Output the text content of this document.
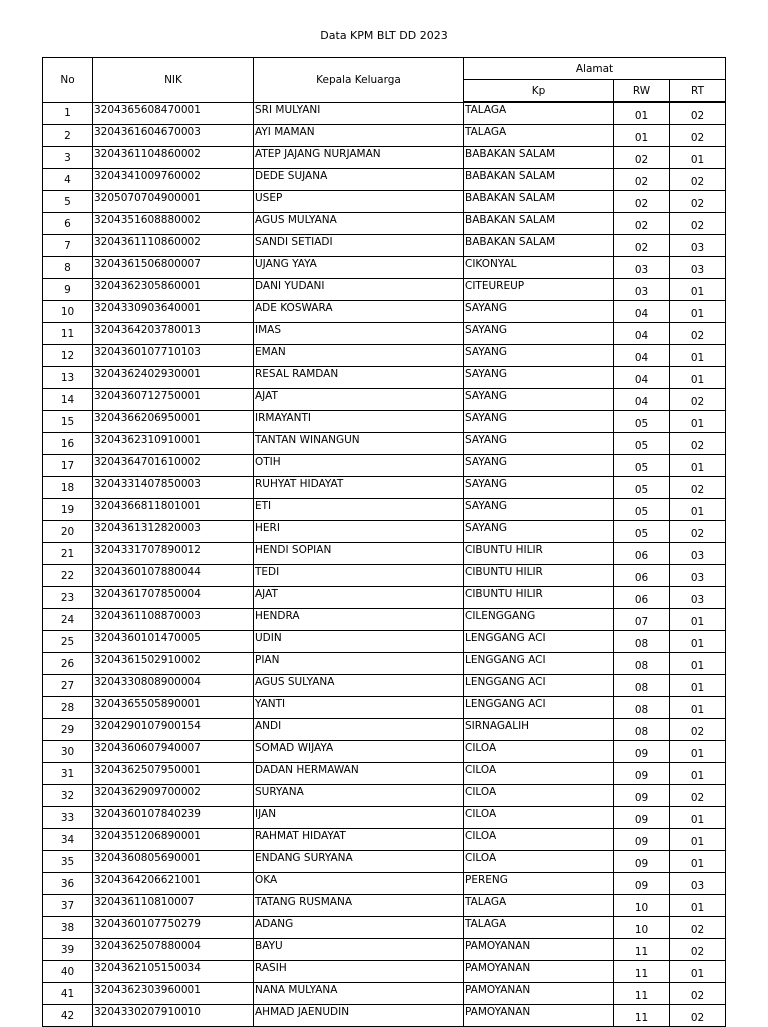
Data KPM BLT DD 2023
No	NIK	Kepala Keluarga	Alamat		
			Kp	RW	RT
1	3204365608470001	SRI MULYANI	TALAGA	01	02
2	3204361604670003	AYI MAMAN	TALAGA	01	02
3	3204361104860002	ATEP JAJANG NURJAMAN	BABAKAN SALAM	02	01
4	3204341009760002	DEDE SUJANA	BABAKAN SALAM	02	02
5	3205070704900001	USEP	BABAKAN SALAM	02	02
6	3204351608880002	AGUS MULYANA	BABAKAN SALAM	02	02
7	3204361110860002	SANDI SETIADI	BABAKAN SALAM	02	03
8	3204361506800007	UJANG YAYA	CIKONYAL	03	03
9	3204362305860001	DANI YUDANI	CITEUREUP	03	01
10	3204330903640001	ADE KOSWARA	SAYANG	04	01
11	3204364203780013	IMAS	SAYANG	04	02
12	3204360107710103	EMAN	SAYANG	04	01
13	3204362402930001	RESAL RAMDAN	SAYANG	04	01
14	3204360712750001	AJAT	SAYANG	04	02
15	3204366206950001	IRMAYANTI	SAYANG	05	01
16	3204362310910001	TANTAN WINANGUN	SAYANG	05	02
17	3204364701610002	OTIH	SAYANG	05	01
18	3204331407850003	RUHYAT HIDAYAT	SAYANG	05	02
19	3204366811801001	ETI	SAYANG	05	01
20	3204361312820003	HERI	SAYANG	05	02
21	3204331707890012	HENDI SOPIAN	CIBUNTU HILIR	06	03
22	3204360107880044	TEDI	CIBUNTU HILIR	06	03
23	3204361707850004	AJAT	CIBUNTU HILIR	06	03
24	3204361108870003	HENDRA	CILENGGANG	07	01
25	3204360101470005	UDIN	LENGGANG ACI	08	01
26	3204361502910002	PIAN	LENGGANG ACI	08	01
27	3204330808900004	AGUS SULYANA	LENGGANG ACI	08	01
28	3204365505890001	YANTI	LENGGANG ACI	08	01
29	3204290107900154	ANDI	SIRNAGALIH	08	02
30	3204360607940007	SOMAD WIJAYA	CILOA	09	01
31	3204362507950001	DADAN HERMAWAN	CILOA	09	01
32	3204362909700002	SURYANA	CILOA	09	02
33	3204360107840239	IJAN	CILOA	09	01
34	3204351206890001	RAHMAT HIDAYAT	CILOA	09	01
35	3204360805690001	ENDANG SURYANA	CILOA	09	01
36	3204364206621001	OKA	PERENG	09	03
37	320436110810007	TATANG RUSMANA	TALAGA	10	01
38	3204360107750279	ADANG	TALAGA	10	02
39	3204362507880004	BAYU	PAMOYANAN	11	02
40	3204362105150034	RASIH	PAMOYANAN	11	01
41	3204362303960001	NANA MULYANA	PAMOYANAN	11	02
42	3204330207910010	AHMAD JAENUDIN	PAMOYANAN	11	02
